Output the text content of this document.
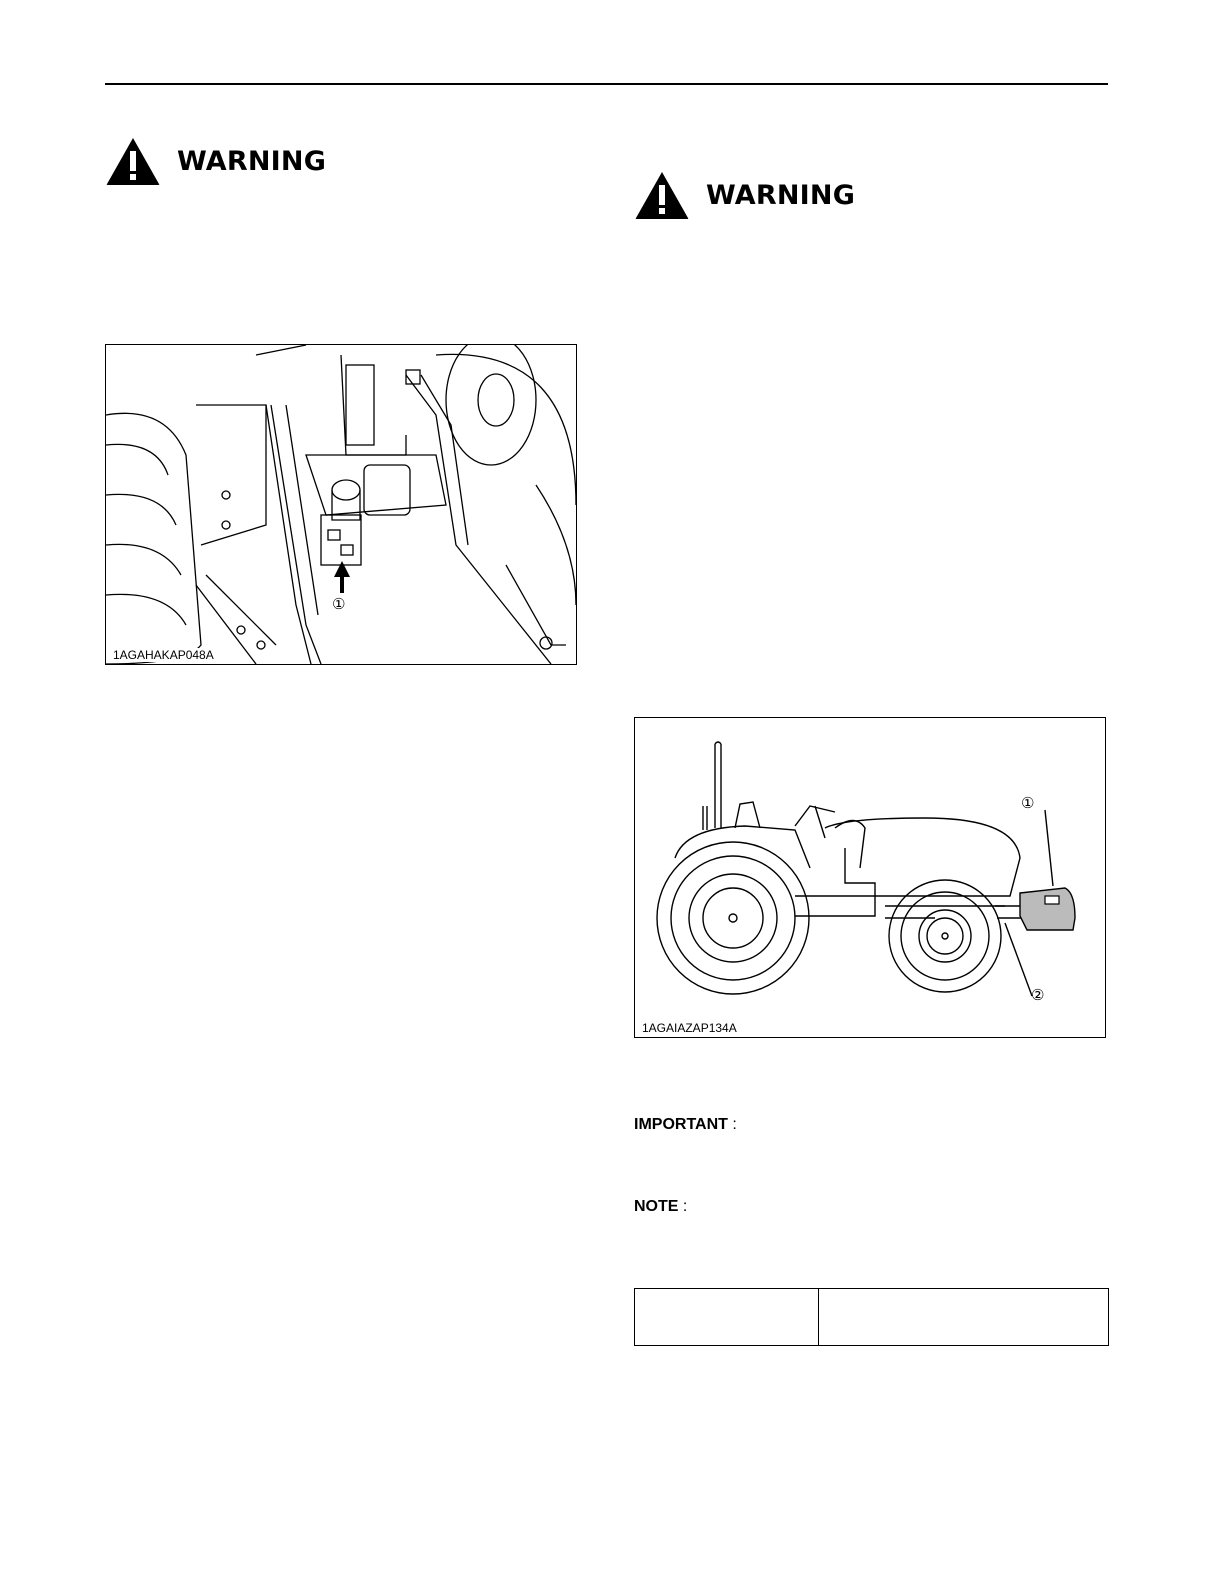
WARNING
WARNING
①
1AGAHAKAP048A
①
②
1AGAIAZAP134A
IMPORTANT :
NOTE :
